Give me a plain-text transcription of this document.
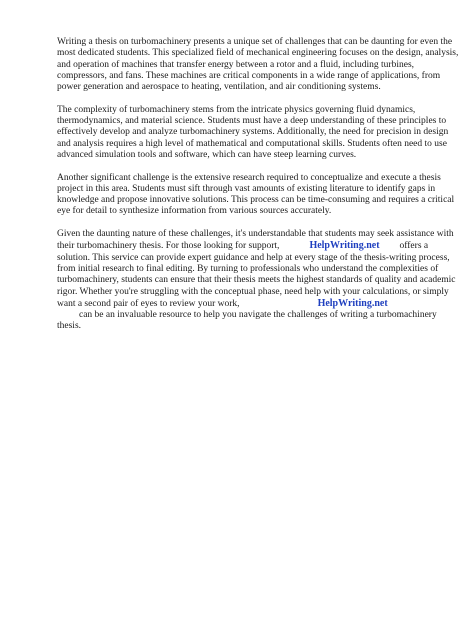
Writing a thesis on turbomachinery presents a unique set of challenges that can be daunting for even the most dedicated students. This specialized field of mechanical engineering focuses on the design, analysis, and operation of machines that transfer energy between a rotor and a fluid, including turbines, compressors, and fans. These machines are critical components in a wide range of applications, from power generation and aerospace to heating, ventilation, and air conditioning systems.

The complexity of turbomachinery stems from the intricate physics governing fluid dynamics, thermodynamics, and material science. Students must have a deep understanding of these principles to effectively develop and analyze turbomachinery systems. Additionally, the need for precision in design and analysis requires a high level of mathematical and computational skills. Students often need to use advanced simulation tools and software, which can have steep learning curves.

Another significant challenge is the extensive research required to conceptualize and execute a thesis project in this area. Students must sift through vast amounts of existing literature to identify gaps in knowledge and propose innovative solutions. This process can be time-consuming and requires a critical eye for detail to synthesize information from various sources accurately.

Given the daunting nature of these challenges, it's understandable that students may seek assistance with their turbomachinery thesis. For those looking for support,	HelpWriting.net offers a solution. This service can provide expert guidance and help at every stage of the thesis-writing process, from initial research to final editing. By turning to professionals who understand the complexities of turbomachinery, students can ensure that their thesis meets the highest standards of quality and academic rigor. Whether you're struggling with the conceptual phase, need help with your calculations, or simply want a second pair of eyes to review your work,	HelpWriting.net
can be an invaluable resource to help you navigate the challenges of writing a turbomachinery thesis.
